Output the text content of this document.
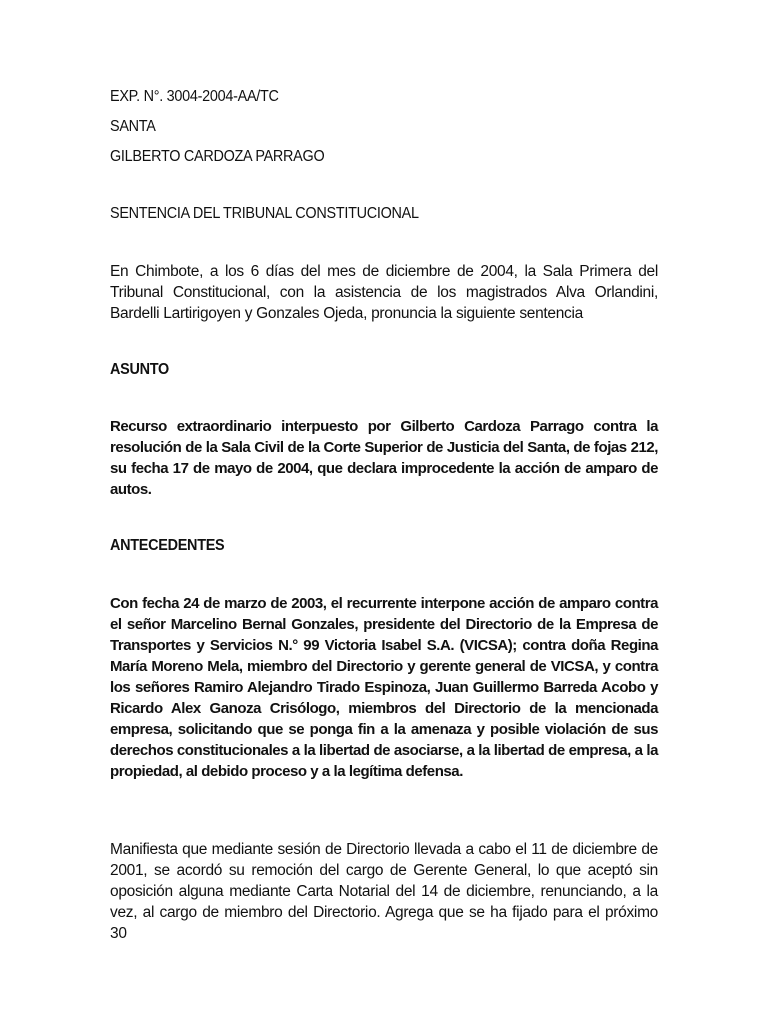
EXP. N°. 3004-2004-AA/TC
SANTA
GILBERTO CARDOZA PARRAGO
SENTENCIA DEL TRIBUNAL CONSTITUCIONAL

En Chimbote, a los 6 días del mes de diciembre de 2004, la Sala Primera del Tribunal Constitucional, con la asistencia de los magistrados Alva Orlandini, Bardelli Lartirigoyen y Gonzales Ojeda, pronuncia la siguiente sentencia

ASUNTO

Recurso extraordinario interpuesto por Gilberto Cardoza Parrago contra la resolución de la Sala Civil de la Corte Superior de Justicia del Santa, de fojas 212, su fecha 17 de mayo de 2004, que declara improcedente la acción de amparo de autos.

ANTECEDENTES

Con fecha 24 de marzo de 2003, el recurrente interpone acción de amparo contra el señor Marcelino Bernal Gonzales, presidente del Directorio de la Empresa de Transportes y Servicios N.° 99 Victoria Isabel S.A. (VICSA); contra doña Regina María Moreno Mela, miembro del Directorio y gerente general de VICSA, y contra los señores Ramiro Alejandro Tirado Espinoza, Juan Guillermo Barreda Acobo y Ricardo Alex Ganoza Crisólogo, miembros del Directorio de la mencionada empresa, solicitando que se ponga fin a la amenaza y posible violación de sus derechos constitucionales a la libertad de asociarse, a la libertad de empresa, a la propiedad, al debido proceso y a la legítima defensa.

Manifiesta que mediante sesión de Directorio llevada a cabo el 11 de diciembre de 2001, se acordó su remoción del cargo de Gerente General, lo que aceptó sin oposición alguna mediante Carta Notarial del 14 de diciembre, renunciando, a la vez, al cargo de miembro del Directorio. Agrega que se ha fijado para el próximo 30
